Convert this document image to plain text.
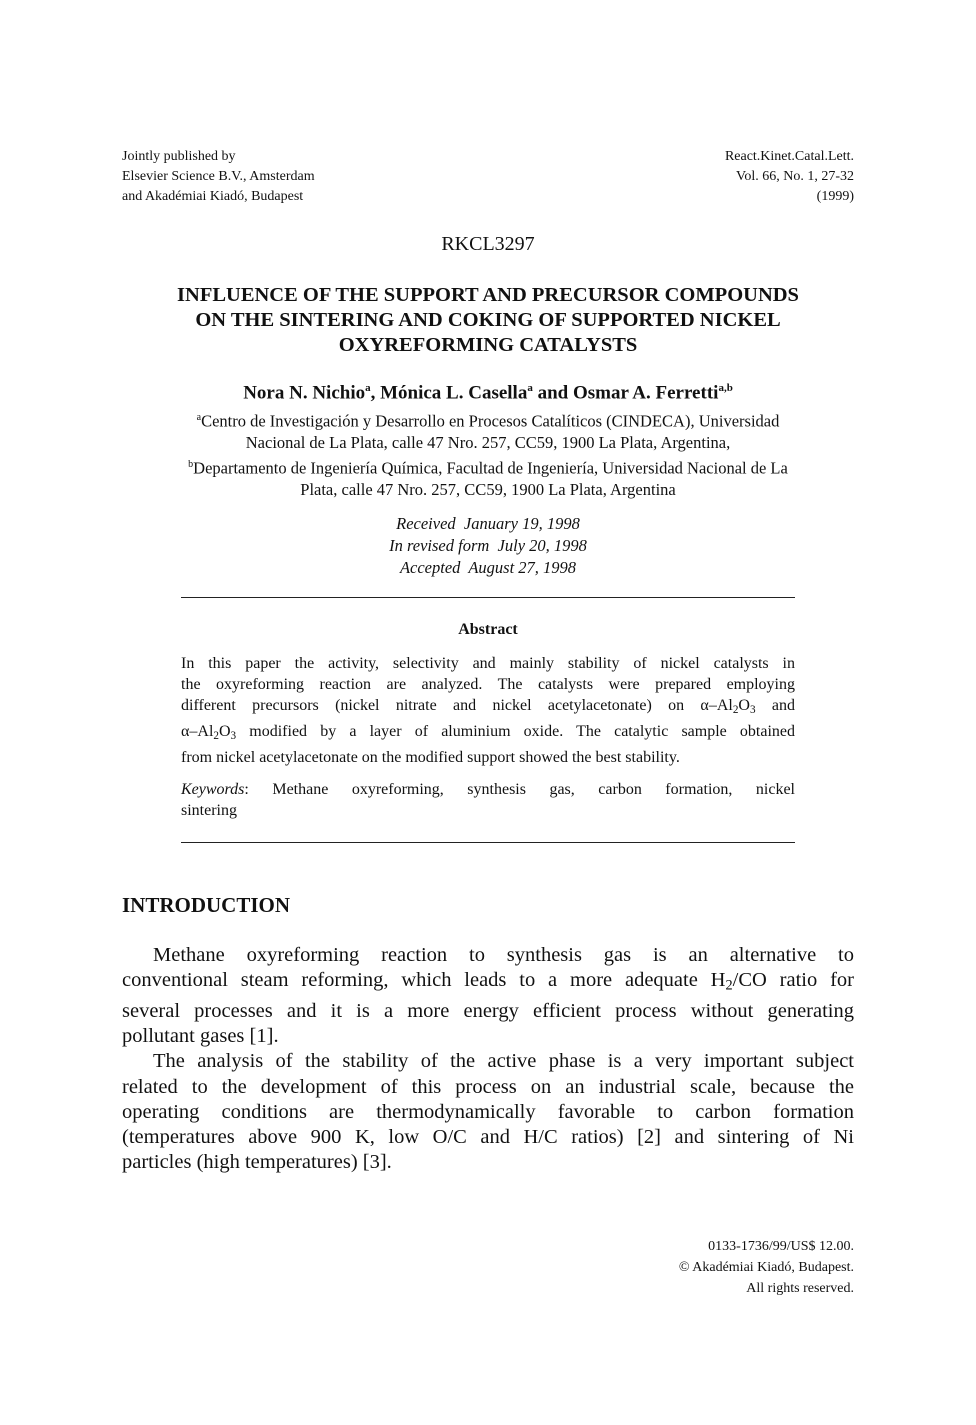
Jointly published by
Elsevier Science B.V., Amsterdam
and Akadémiai Kiadó, Budapest
React.Kinet.Catal.Lett.
Vol. 66, No. 1, 27-32
(1999)
RKCL3297
INFLUENCE OF THE SUPPORT AND PRECURSOR COMPOUNDS
ON THE SINTERING AND COKING OF SUPPORTED NICKEL
OXYREFORMING CATALYSTS
Nora N. Nichio$^a$, Mónica L. Casella$^a$ and Osmar A. Ferretti$^{a,b}$
$^a$Centro de Investigación y Desarrollo en Procesos Catalíticos (CINDECA), Universidad
Nacional de La Plata, calle 47 Nro. 257, CC59, 1900 La Plata, Argentina,
$^b$Departamento de Ingeniería Química, Facultad de Ingeniería, Universidad Nacional de La
Plata, calle 47 Nro. 257, CC59, 1900 La Plata, Argentina
Received  January 19, 1998
In revised form  July 20, 1998
Accepted  August 27, 1998
Abstract
In this paper the activity, selectivity and mainly stability of nickel catalysts in
the oxyreforming reaction are analyzed. The catalysts were prepared employing
different precursors (nickel nitrate and nickel acetylacetonate) on $\alpha-Al_2O_3$ and
$\alpha-Al_2O_3$ modified by a layer of aluminium oxide. The catalytic sample obtained
from nickel acetylacetonate on the modified support showed the best stability.
Keywords: Methane oxyreforming, synthesis gas, carbon formation, nickel
sintering
INTRODUCTION
Methane oxyreforming reaction to synthesis gas is an alternative to
conventional steam reforming, which leads to a more adequate $H_2/CO$ ratio for
several processes and it is a more energy efficient process without generating
pollutant gases [1].
The analysis of the stability of the active phase is a very important subject
related to the development of this process on an industrial scale, because the
operating conditions are thermodynamically favorable to carbon formation
(temperatures above 900 K, low O/C and H/C ratios) [2] and sintering of Ni
particles (high temperatures) [3].
0133-1736/99/US$ 12.00.
© Akadémiai Kiadó, Budapest.
All rights reserved.
